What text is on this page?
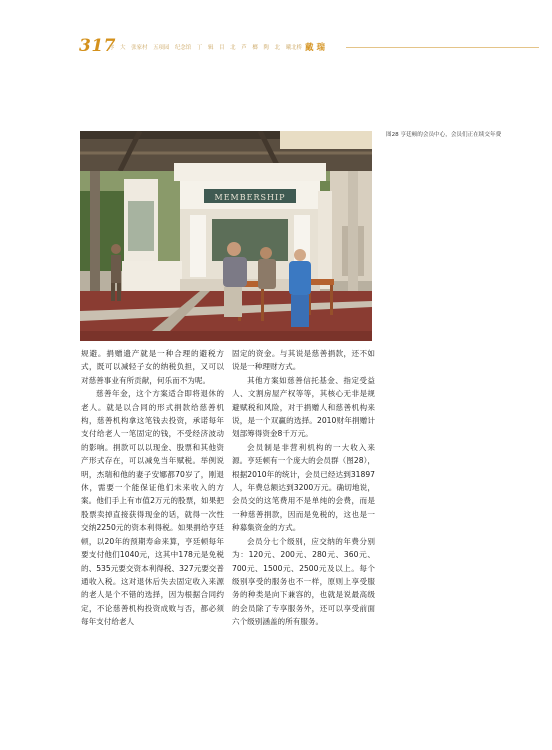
317
序 大 张家村 五项园 纪念馆 丁 辑 目 北 芦 榔 陶 北 曦北桥 戴 瑞
MEMBERSHIP
图28 亨廷顿的会员中心，会员们正在续交年费

规避。捐赠遗产就是一种合理的避税方式，既可以减轻子女的纳税负担，又可以对慈善事业有所贡献，何乐而不为呢。

慈善年金，这个方案适合即将退休的老人。就是以合同的形式捐款给慈善机构，慈善机构拿这笔钱去投资，承诺每年支付给老人一笔固定的钱，不受经济波动的影响。捐款可以以现金、股票和其他资产形式存在，可以减免当年赋税。举例说明，杰瑞和他的妻子安娜都70岁了，刚退休，需要一个能保证他们未来收入的方案。他们手上有市值2万元的股票，如果把股票卖掉直接获得现金的话，就得一次性交纳2250元的资本利得税。如果捐给亨廷顿，以20年的预期寿命来算，亨廷顿每年要支付他们1040元，这其中178元是免税的、535元要交资本利得税、327元要交普通收入税。这对退休后失去固定收入来源的老人是个不错的选择，因为根据合同约定，不论慈善机构投资成败与否，都必须每年支付给老人

固定的资金。与其说是慈善捐款，还不如说是一种理财方式。

其他方案如慈善信托基金、指定受益人、文割房屋产权等等，其核心无非是规避赋税和风险，对于捐赠人和慈善机构来说，是一个双赢的选择。2010财年捐赠计划部筹得资金8千万元。

会员制是非营利机构的一大收入来源。亨廷顿有一个庞大的会员群（图28），根据2010年的统计，会员已经达到31897人，年费总额达到3200万元。确切地说，会员交的这笔费用不是单纯的会费，而是一种慈善捐款，因而是免税的，这也是一种募集资金的方式。

会员分七个级别，应交纳的年费分别为：120元、200元、280元、360元、700元、1500元、2500元及以上。每个级别享受的服务也不一样，原则上享受服务的种类是向下兼容的，也就是说最高级的会员除了专享服务外，还可以享受前面六个级别涵盖的所有服务。
